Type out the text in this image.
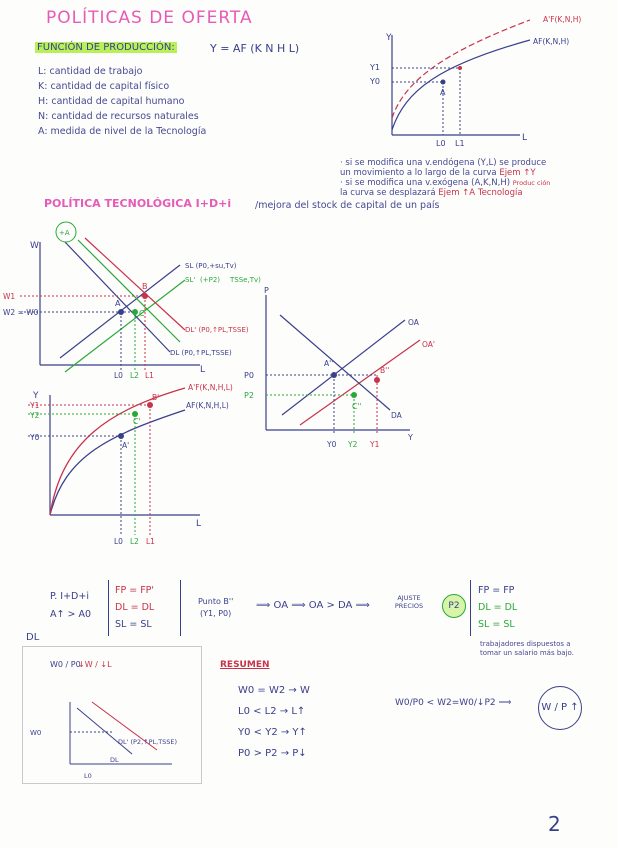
POLÍTICAS DE OFERTA
FUNCIÓN DE PRODUCCIÓN:	Y = AF (K N H L)
L: cantidad de trabajo
K: cantidad de capital físico
H: cantidad de capital humano
N: cantidad de recursos naturales
A: medida de nivel de la Tecnología
Y
L
Y1
Y0
L0 L1
A
A'F(K,N,H)
AF(K,N,H)
· si se modifica una v.endógena (Y,L) se produce
un movimiento a lo largo de la curva Ejem ↑Y
· si se modifica una v.exógena (A,K,N,H) Produc ción
la curva se desplazará Ejem ↑A Tecnología
POLÍTICA TECNOLÓGICA I+D+i	/mejora del stock de capital de un país
+A
W
L
W1
W2 = W0
L0 L2 L1
A
B
C
SL (P0,+su,Tv)
SL' (+P2) TSSe,Tv)
DL' (P0,↑PL,TSSE)
DL (P0,↑PL,TSSE)
Y
L
Y1
Y2
Y0
L0 L2 L1
A'
B'
C'
A'F(K,N,H,L)
AF(K,N,H,L)
P
Y
OA
OA'
DA
P0
P2
Y0 Y2 Y1
A''
B''
C''
P. I+D+i
A↑ > A0
FP = FP'
DL = DL
SL = SL
Punto B''
(Y1, P0)
⟹ OA ⟹ OA > DA ⟹
AJUSTE PRECIOS	P2
FP = FP
DL = DL
SL = SL
trabajadores dispuestos a tomar un salario más bajo.
DL
W0 / P0
↓W / ↓L
W0
DL' (P2,↑PL,TSSE)
DL
L0
RESUMEN
W0 = W2 → W
L0 < L2 → L↑
Y0 < Y2 → Y↑
P0 > P2 → P↓
W0/P0 < W2=W0/↓P2 ⟹	W / P ↑
2
